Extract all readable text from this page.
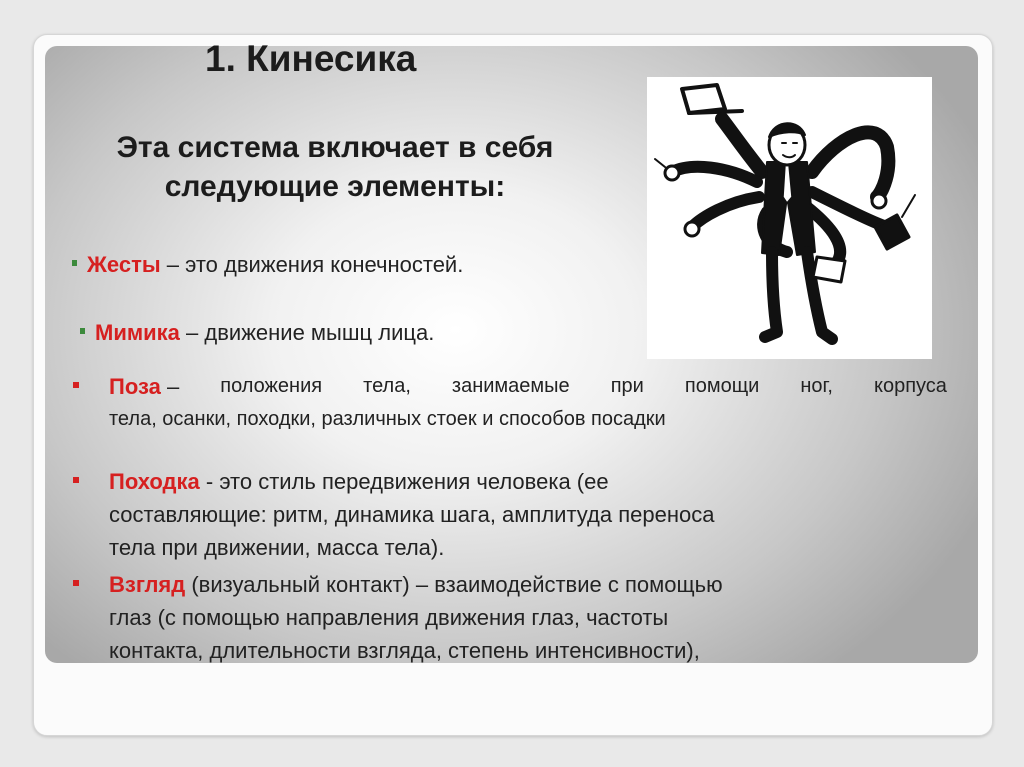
1. Кинесика
Эта система включает в себя следующие элементы:
Жесты – это движения конечностей.
Мимика – движение мышц лица.
Поза – положения тела, занимаемые при помощи ног, корпуса
тела, осанки, походки, различных стоек и способов посадки
Походка - это стиль передвижения человека (ее
составляющие: ритм, динамика шага, амплитуда переноса
тела при движении, масса тела).
Взгляд (визуальный контакт) – взаимодействие с помощью
глаз (с помощью направления движения глаз, частоты
контакта, длительности взгляда, степень интенсивности),
